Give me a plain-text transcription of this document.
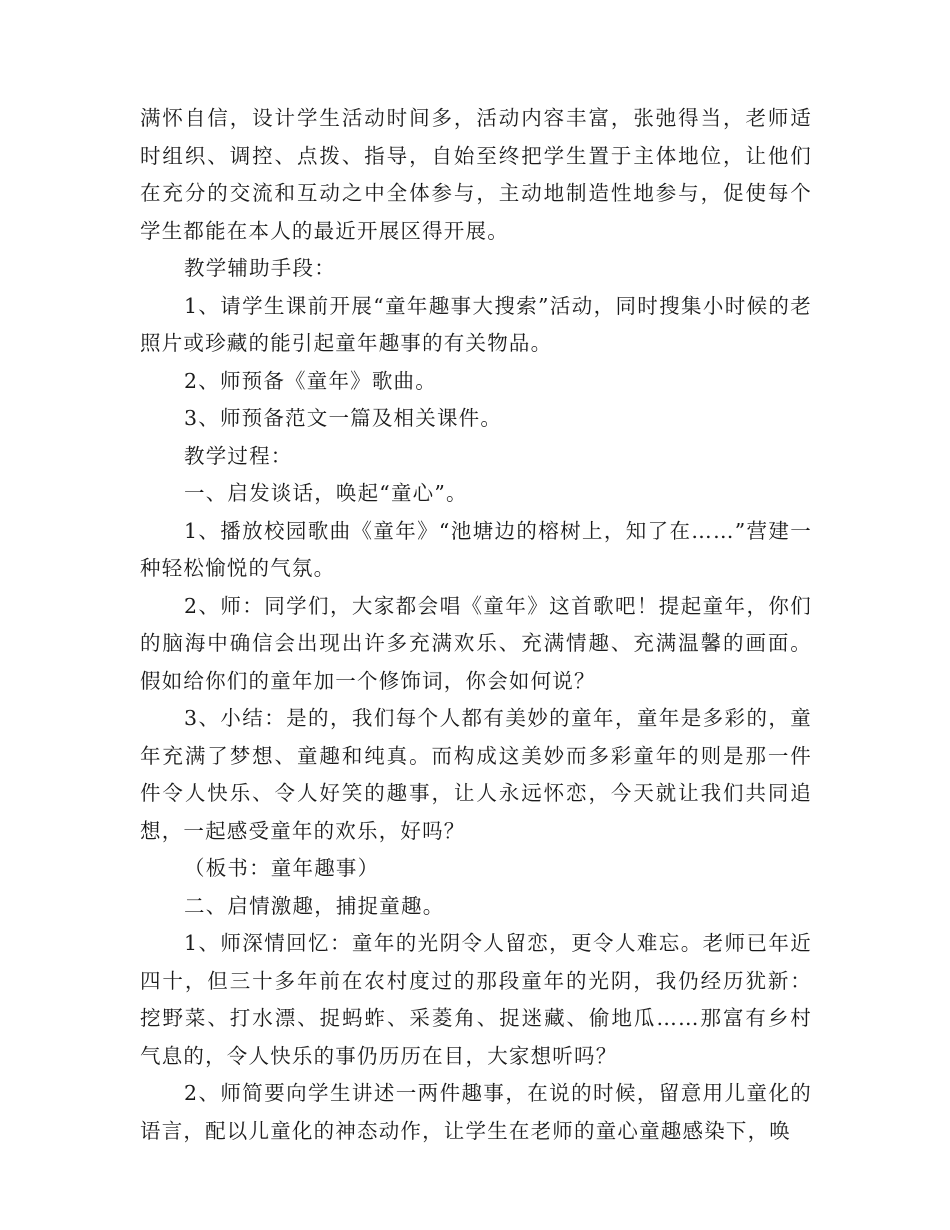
满怀自信，设计学生活动时间多，活动内容丰富，张弛得当，老师适时组织、调控、点拨、指导，自始至终把学生置于主体地位，让他们在充分的交流和互动之中全体参与，主动地制造性地参与，促使每个学生都能在本人的最近开展区得开展。

教学辅助手段：

1、请学生课前开展“童年趣事大搜索”活动，同时搜集小时候的老照片或珍藏的能引起童年趣事的有关物品。

2、师预备《童年》歌曲。

3、师预备范文一篇及相关课件。

教学过程：

一、启发谈话，唤起“童心”。

1、播放校园歌曲《童年》“池塘边的榕树上，知了在……”营建一种轻松愉悦的气氛。

2、师：同学们，大家都会唱《童年》这首歌吧！提起童年，你们的脑海中确信会出现出许多充满欢乐、充满情趣、充满温馨的画面。假如给你们的童年加一个修饰词，你会如何说？

3、小结：是的，我们每个人都有美妙的童年，童年是多彩的，童年充满了梦想、童趣和纯真。而构成这美妙而多彩童年的则是那一件件令人快乐、令人好笑的趣事，让人永远怀恋，今天就让我们共同追想，一起感受童年的欢乐，好吗？

（板书：童年趣事）

二、启情激趣，捕捉童趣。

1、师深情回忆：童年的光阴令人留恋，更令人难忘。老师已年近四十，但三十多年前在农村度过的那段童年的光阴，我仍经历犹新：挖野菜、打水漂、捉蚂蚱、采菱角、捉迷藏、偷地瓜……那富有乡村气息的，令人快乐的事仍历历在目，大家想听吗？

2、师简要向学生讲述一两件趣事，在说的时候，留意用儿童化的语言，配以儿童化的神态动作，让学生在老师的童心童趣感染下，唤
